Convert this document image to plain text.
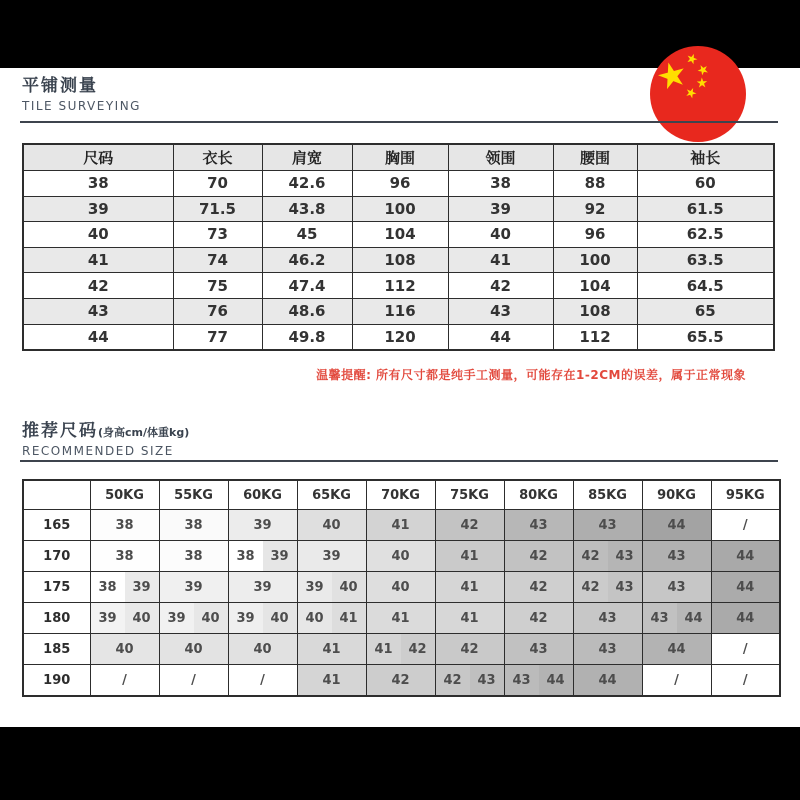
平铺测量
TILE SURVEYING
尺码	衣长	肩宽	胸围	领围	腰围	袖长
38	70	42.6	96	38	88	60
39	71.5	43.8	100	39	92	61.5
40	73	45	104	40	96	62.5
41	74	46.2	108	41	100	63.5
42	75	47.4	112	42	104	64.5
43	76	48.6	116	43	108	65
44	77	49.8	120	44	112	65.5
温馨提醒: 所有尺寸都是纯手工测量，可能存在1-2CM的误差，属于正常现象
推荐尺码(身高cm/体重kg)
RECOMMENDED SIZE
	50KG	55KG	60KG	65KG	70KG	75KG	80KG	85KG	90KG	95KG
165	38	38	39	40	41	42	43	43	44	/
170	38	38	38 39	39	40	41	42	42 43	43	44
175	38 39	39	39	39 40	40	41	42	42 43	43	44
180	39 40	39 40	39 40	40 41	41	41	42	43	43 44	44
185	40	40	40	41	41 42	42	43	43	44	/
190	/	/	/	41	42	42 43	43 44	44	/	/
